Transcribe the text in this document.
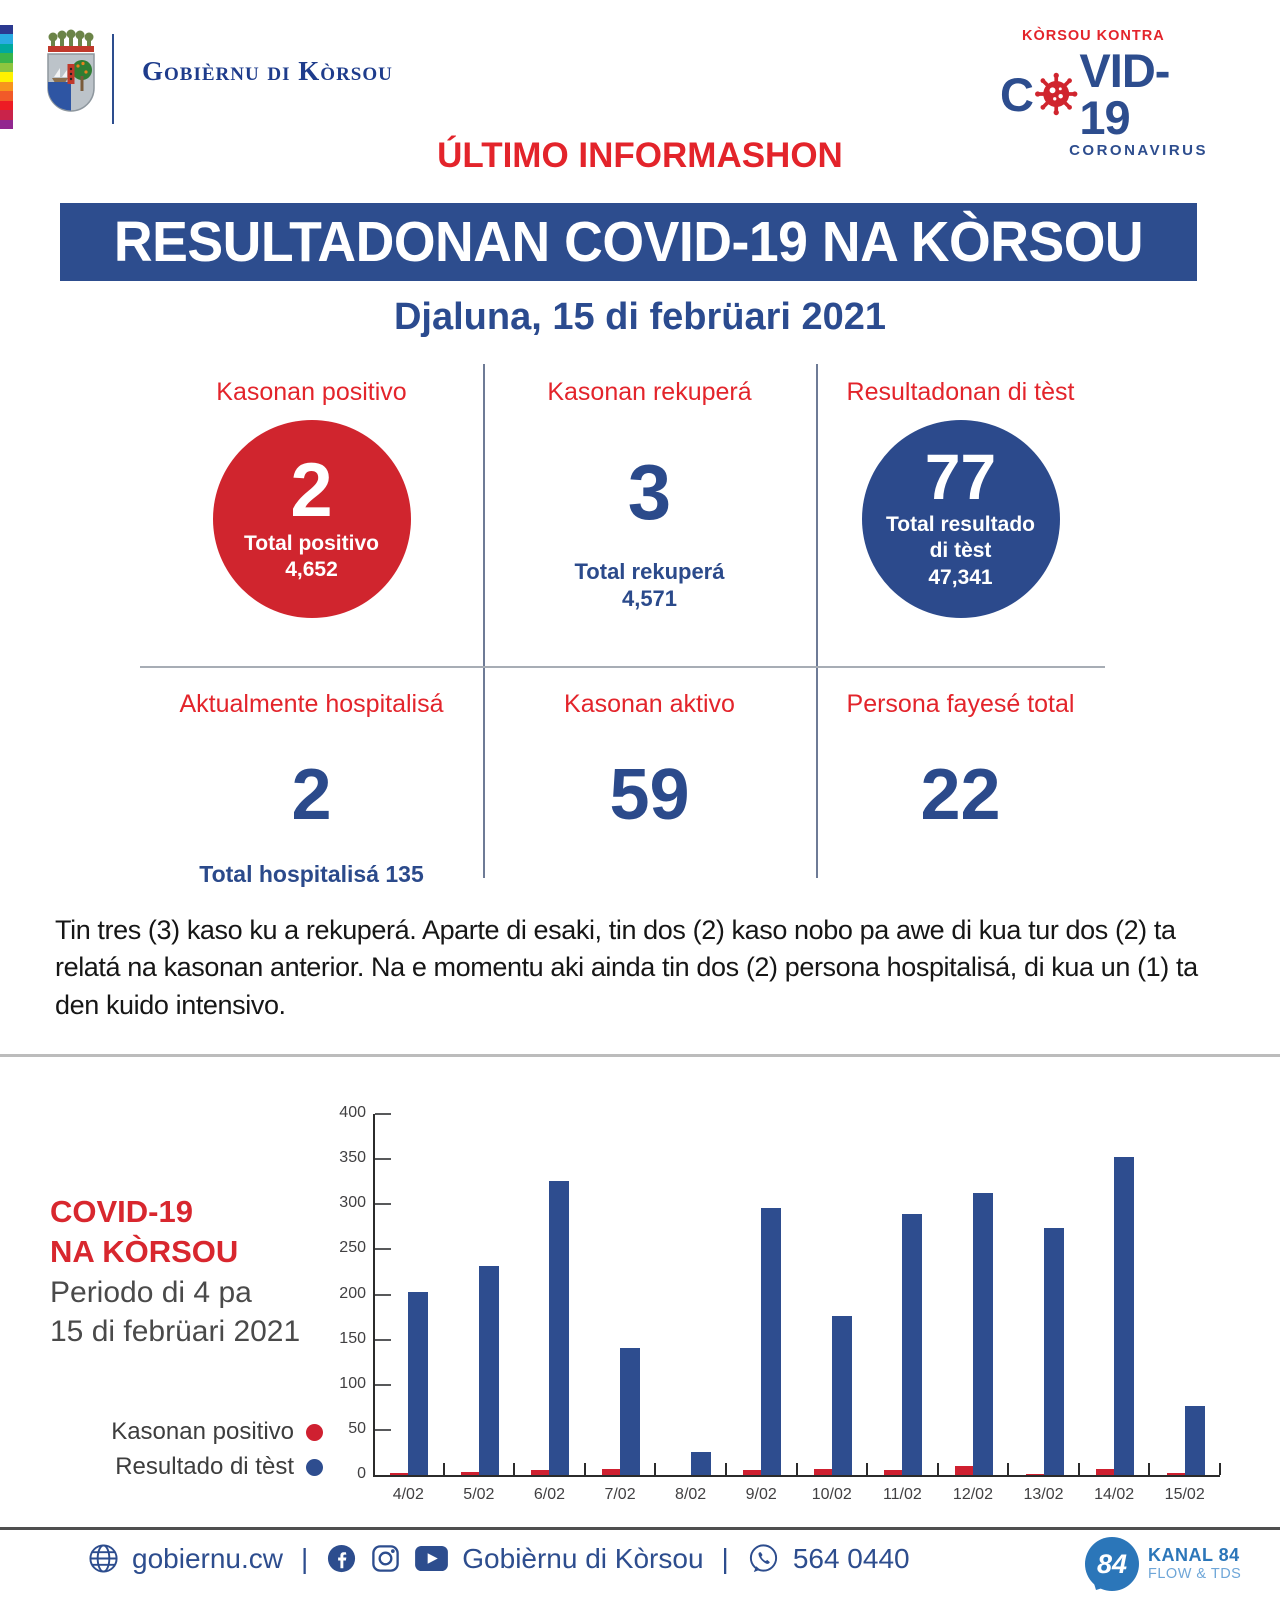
Gobièrnu di Kòrsou
KÒRSOU KONTRA
C VID-19
CORONAVIRUS
ÚLTIMO INFORMASHON
RESULTADONAN COVID-19 NA KÒRSOU
Djaluna, 15 di febrüari 2021
Kasonan positivo
2
Total positivo
4,652
Kasonan rekuperá
3
Total rekuperá
4,571
Resultadonan di tèst
77
Total resultado
di tèst
47,341
Aktualmente hospitalisá
2
Total hospitalisá 135
Kasonan aktivo
59
Persona fayesé total
22
Tin tres (3) kaso ku a rekuperá. Aparte di esaki, tin dos (2) kaso nobo pa awe di kua tur dos (2) ta relatá na kasonan anterior. Na e momentu aki ainda tin dos (2) persona hospitalisá, di kua un (1) ta den kuido intensivo.
COVID-19
NA KÒRSOU
Periodo di 4 pa
15 di febrüari 2021
Kasonan positivo
Resultado di tèst	0
50
100
150
200
250
300
350
400
4/02	5/02	6/02	7/02	8/02	9/02	10/02	11/02	12/02	13/02	14/02	15/02
gobiernu.cw |	Gobièrnu di Kòrsou | 564 0440	84 KANAL 84
FLOW & TDS
